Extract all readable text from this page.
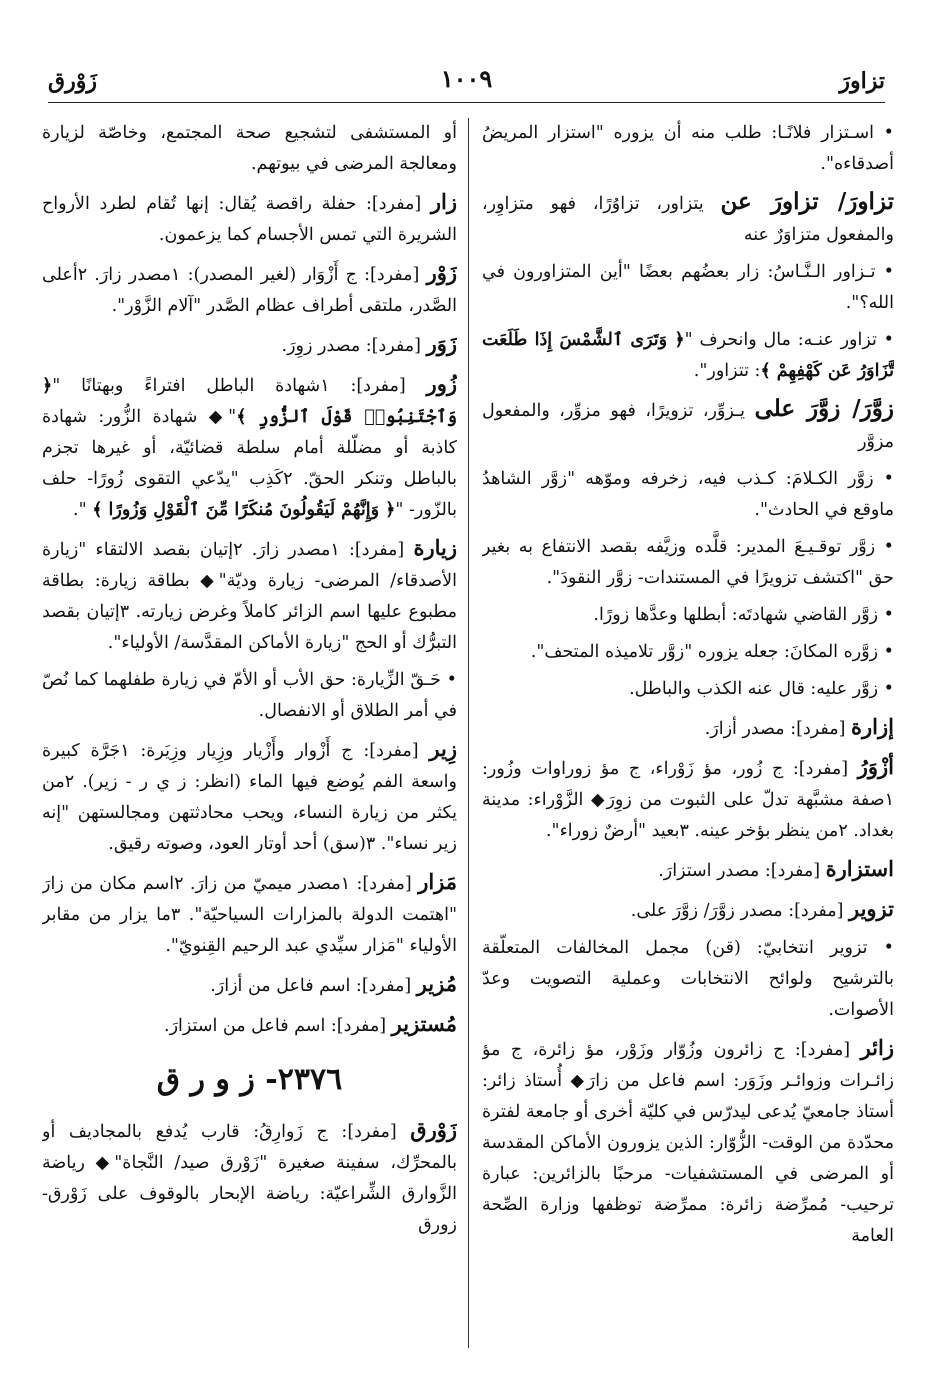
تزاورَ
١٠٠٩
زَوْرق

• اسـتزار فلانًـا: طلب منه أن يزوره "استزار المريضُ أصدقاءه".

تزاورَ/ تزاورَ عن يتزاور، تزاوُرًا، فهو متزاوِر، والمفعول متزاوَرٌ عنه

• تـزاور الـنَّـاسُ: زار بعضُهم بعضًا "أين المتزاورون في الله؟".

• تزاور عنـه: مال وانحرف "﴿ وَتَرَى ٱلشَّمْسَ إِذَا طَلَعَت تَّزَاوَرُ عَن كَهْفِهِمْ ﴾: تتزاور".

زوَّرَ/ زوَّرَ على يـزوِّر، تزويرًا، فهو مزوِّر، والمفعول مزوَّر

• زوَّر الكـلامَ: كـذب فيه، زخرفه وموّهه "زوَّر الشاهدُ ماوقع في الحادث".

• زوَّر توقـيـعَ المدير: قلَّده وزيَّفه بقصد الانتفاع به بغير حق "اكتشف تزويرًا في المستندات- زوَّر النقودَ".

• زوَّر القاضي شهادتَه: أبطلها وعدَّها زورًا.

• زوَّره المكانَ: جعله يزوره "زوَّر تلاميذه المتحف".

• زوَّر عليه: قال عنه الكذب والباطل.

إزارة [مفرد]: مصدر أزارَ.

أزْوَرُ [مفرد]: ج زُور، مؤ زَوْراء، ج مؤ زوراوات وزُور: ١صفة مشبَّهة تدلّ على الثبوت من زوِرَ◆ الزَّوْراء: مدينة بغداد. ٢من ينظر بؤخر عينه. ٣بعيد "أرضٌ زوراء".

استزارة [مفرد]: مصدر استزارَ.

تزوير [مفرد]: مصدر زوَّرَ/ زوَّرَ على.

• تزوير انتخابيّ: (قن) مجمل المخالفات المتعلّقة بالترشيح ولوائح الانتخابات وعملية التصويت وعدّ الأصوات.

زائر [مفرد]: ج زائرون وزُوّار وزَوْر، مؤ زائرة، ج مؤ زائـرات وزوائـر وزَوَر: اسم فاعل من زارَ◆ أُستاذ زائر: أستاذ جامعيّ يُدعى ليدرّس في كليّة أخرى أو جامعة لفترة محدّدة من الوقت- الزُّوّار: الذين يزورون الأماكن المقدسة أو المرضى في المستشفيات- مرحبًا بالزائرين: عبارة ترحيب- مُمرِّضة زائرة: ممرِّضة توظفها وزارة الصِّحة العامة

أو المستشفى لتشجيع صحة المجتمع، وخاصّة لزيارة ومعالجة المرضى في بيوتهم.

زار [مفرد]: حفلة راقصة يُقال: إنها تُقام لطرد الأرواح الشريرة التي تمس الأجسام كما يزعمون.

زَوْر [مفرد]: ج أَزْوَار (لغير المصدر): ١مصدر زارَ. ٢أعلى الصَّدر، ملتقى أطراف عظام الصَّدر "آلام الزَّوْر".

زَوَر [مفرد]: مصدر زوِرَ.

زُور [مفرد]: ١شهادة الباطل افتراءً وبهتانًا "﴿ وَٱجْتَنِبُوا۟ قَوْلَ ٱلزُّورِ ﴾"◆ شهادة الزُّور: شهادة كاذبة أو مضلّلة أمام سلطة قضائيّة، أو غيرها تجزم بالباطل وتنكر الحقّ. ٢كَذِب "يدّعي التقوى زُورًا- حلف بالزّور- "﴿ وَإِنَّهُمْ لَيَقُولُونَ مُنكَرًا مِّنَ ٱلْقَوْلِ وَزُورًا ﴾ ".

زيارة [مفرد]: ١مصدر زارَ. ٢إتيان بقصد الالتقاء "زيارة الأصدقاء/ المرضى- زيارة وديّة"◆ بطاقة زيارة: بطاقة مطبوع عليها اسم الزائر كاملاً وغرض زيارته. ٣إتيان بقصد التبرُّك أو الحج "زيارة الأماكن المقدَّسة/ الأولياء".

• حَـقّ الزِّيارة: حق الأب أو الأمّ في زيارة طفلهما كما نُصّ في أمر الطلاق أو الانفصال.

زِير [مفرد]: ج أَزْوار وأَزْيار وزِيار وزِيَرة: ١جَرَّة كبيرة واسعة الفم يُوضع فيها الماء (انظر: ز ي ر - زير). ٢من يكثر من زيارة النساء، ويحب محادثتهن ومجالستهن "إنه زير نساء". ٣(سق) أحد أوتار العود، وصوته رقيق.

مَزار [مفرد]: ١مصدر ميميّ من زارَ. ٢اسم مكان من زارَ "اهتمت الدولة بالمزارات السياحيّة". ٣ما يزار من مقابر الأولياء "مَزار سيِّدي عبد الرحيم القِنويّ".

مُزير [مفرد]: اسم فاعل من أزارَ.

مُستزير [مفرد]: اسم فاعل من استزارَ.

٢٣٧٦- ز و ر ق

زَوْرق [مفرد]: ج زَوارِقُ: قارب يُدفع بالمجاديف أو بالمحرِّك، سفينة صغيرة "زَوْرق صيد/ النَّجاة"◆ رياضة الزَّوارق الشِّراعيّة: رياضة الإبحار بالوقوف على زَوْرق- زورق
